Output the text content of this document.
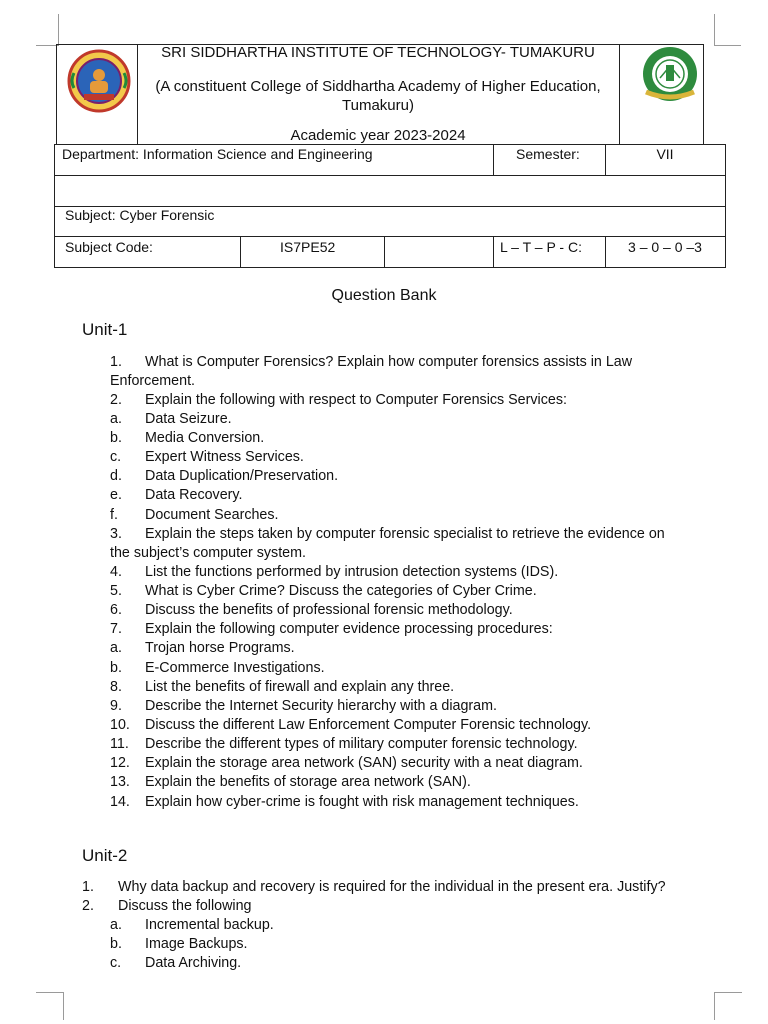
SRI SIDDHARTHA INSTITUTE OF TECHNOLOGY- TUMAKURU
(A constituent College of Siddhartha Academy of Higher Education,
Tumakuru)
Academic year 2023-2024
Department: Information Science and Engineering	Semester:	VII
Subject: Cyber Forensic
Subject Code:	IS7PE52	L – T – P - C:	3 – 0 – 0 –3
Question Bank
Unit-1
1. What is Computer Forensics? Explain how computer forensics assists in Law
Enforcement.
2. Explain the following with respect to Computer Forensics Services:
a. Data Seizure.
b. Media Conversion.
c. Expert Witness Services.
d. Data Duplication/Preservation.
e. Data Recovery.
f. Document Searches.
3. Explain the steps taken by computer forensic specialist to retrieve the evidence on
the subject’s computer system.
4. List the functions performed by intrusion detection systems (IDS).
5. What is Cyber Crime? Discuss the categories of Cyber Crime.
6. Discuss the benefits of professional forensic methodology.
7. Explain the following computer evidence processing procedures:
a. Trojan horse Programs.
b. E-Commerce Investigations.
8. List the benefits of firewall and explain any three.
9. Describe the Internet Security hierarchy with a diagram.
10. Discuss the different Law Enforcement Computer Forensic technology.
11. Describe the different types of military computer forensic technology.
12. Explain the storage area network (SAN) security with a neat diagram.
13. Explain the benefits of storage area network (SAN).
14. Explain how cyber-crime is fought with risk management techniques.
Unit-2
1. Why data backup and recovery is required for the individual in the present era. Justify?
2. Discuss the following
a. Incremental backup.
b. Image Backups.
c. Data Archiving.
